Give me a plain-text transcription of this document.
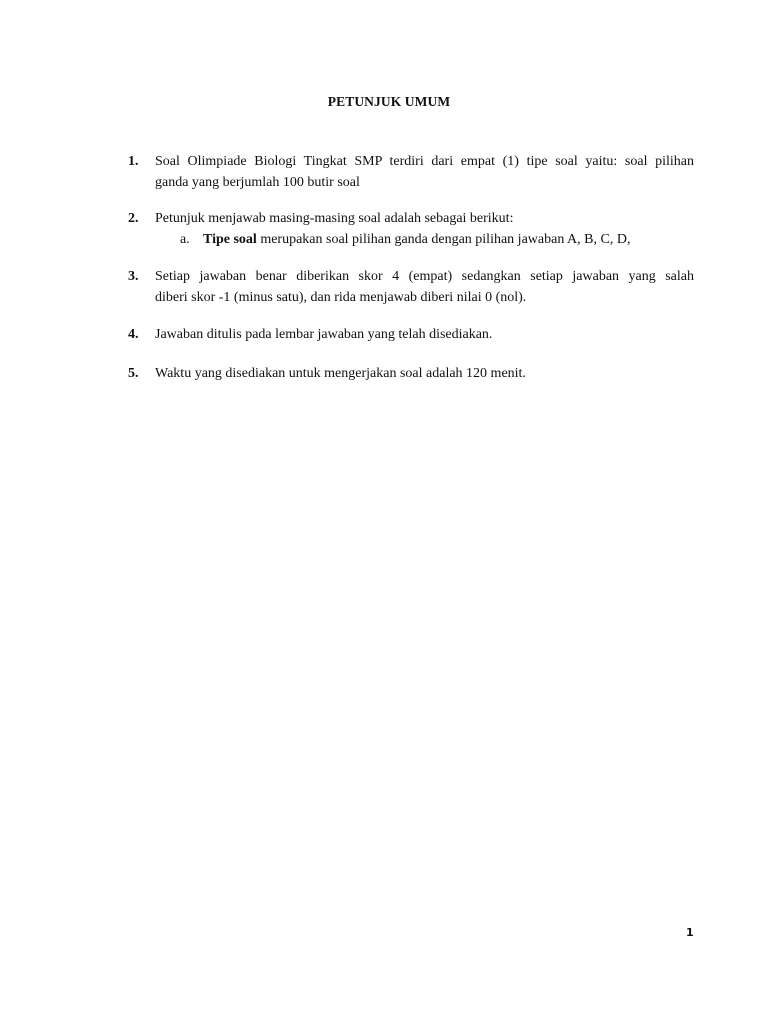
PETUNJUK UMUM
1. Soal Olimpiade Biologi Tingkat SMP terdiri dari empat (1) tipe soal yaitu: soal pilihan
ganda yang berjumlah 100 butir soal
2. Petunjuk menjawab masing-masing soal adalah sebagai berikut:
a. Tipe soal merupakan soal pilihan ganda dengan pilihan jawaban A, B, C, D,
3. Setiap jawaban benar diberikan skor 4 (empat) sedangkan setiap jawaban yang salah
diberi skor -1 (minus satu), dan rida menjawab diberi nilai 0 (nol).
4. Jawaban ditulis pada lembar jawaban yang telah disediakan.
5. Waktu yang disediakan untuk mengerjakan soal adalah 120 menit.
1
